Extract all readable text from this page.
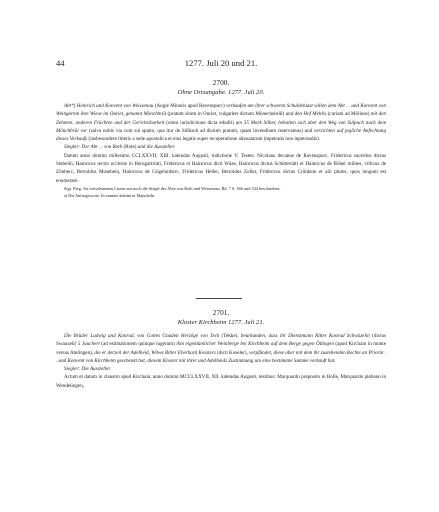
44	1277. Juli 20 und 21.
2700.
Ohne Ortsangabe. 1277. Juli 20.

Abt*) Heinrich und Konvent von Weissenau (Augie Minoris apud Ravenspurc) verkaufen um ihrer schweren Schuldenlast willen dem Abt . . und Konvent von Weingarten ihre Wiese im Ouriet, genannt Mönchbrül (pratum situm in Ouriet, vulgariter dictum Mönechebrül) und den Hof Mehlis (curiam ad Mölines) mit den Zehnten, anderen Früchten und der Gerichtsbarkeit (omni iurisdictione dicta ethafti) um 35 Mark Silber, behalten sich aber den Weg von Sulpach nach dem Mönchbrül vor (salva nobis via cum sui spatio, qua itur de Sölbach ad dictum pratum, quam invenditam reservamus) und verzichten auf jegliche Anfechtung dieses Verkaufs (insbesondere litteris a sede apostolica et eius legatis super recuperatione alienatarum impetratis non inpetrandis).

Siegler: Der Abt . . von Roth (Rote) und die Aussteller.

Datum anno domini millesimo CCLXXVII, XIII. kalendas Augusti, indictione V. Testes: Nicolaus decanus de Ravenspurc, Fridericus sacerdos dictus Stebelin, Hainricus rector ecclesie in Berugartrütti, Fridericus et Hainricus dicti Wäze, Hainricus dictus Schütterütti et Hainricus de Bühel milites, villicus de Zönberc, Bertoldus Mosebein, Hainricus de Gügelunberc, Fridericus Heller, Bertoldus Zoller, Fridericus dictus Crünbein et alii plures, quos longum est enumerare.

Stgt. Ferg. An weissleinenen Litzen nur noch die Siegel der Äbte von Roth und Weissenau, Bd. 7 S. 366 und 334 beschrieben.

a) Die Anfangsworte: In nomine domini in Majuskeln.

2701.
Kloster Kirchheim 1277. Juli 21.

Die Brüder Ludwig und Konrad, von Gottes Gnaden Herzöge von Teck (Tekke), beurkunden, dass ihr Dienstmann Ritter Konrad Schwäzelin (dictus Swanzeli) 5 Jauchert (ad estimationem quinque iugerum) ihm eigentümlicher Weinberge bei Kirchheim auf dem Berge gegen Ötlingen (apud Kirchain in monte versus Atelingen), die er derzeit der Adelheid, Witwe Ritter Eberhard Kesslers (dicti Koseler), verpfändet, diese aber mit dem ihr zustehenden Rechte an Priorin . . und Konvent von Kirchheim geschenkt hat, diesem Kloster mit ihrer und Adelheids Zustimmung um eine bestimmte Summe verkauft hat.

Siegler: Die Aussteller.

Actum et datum in claustro apud Kirchain, anno domini MCCLXXVII, XII. kalendas Augusti, testibus: Marquardo preposito in Bolle, Marquardo plebano in Wendelingen,
